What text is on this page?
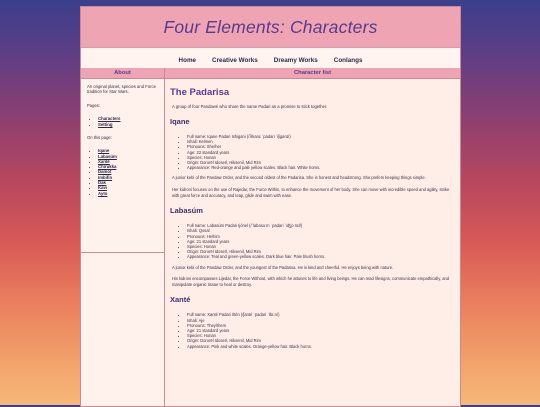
Four Elements: Characters
Home	Creative Works	Dreamy Works	Conlangs
About

An original planet, species and Force tradition for Star Wars.

Pages:

• Characters
• Setting

On this page:

• Iqane
• Labasúm
• Xanté
• Chirukka
• Damot
• Imbifin
• Dak
• Kavi
• Ayto
Character list
The Padarisa

A group of four Pandawé who share the name Padari as a promise to stick together.

Iqane
• Full name: Iqane Padari Ishigani (/ʔikanɛ ˈpadari ˈiʃiganɪ/)
• Ishali: Kelmen
• Pronouns: She/her
• Age: 22 standard years
• Species: Honan
• Origin: Dororël Idoserl, Hiksenil, Mid Rim
• Appearance: Red-orange and pale yellow scales. Black hair. White horns.

A junior kebi of the Pandaw Order, and the second oldest of the Padarisa. She is honest and headstrong. She prefers keeping things simple.

Her kidroni focuses on the use of Rajedar, the Force Within, to enhance the movement of her body. She can move with incredible speed and agility, strike with great force and accuracy, and leap, glide and swim with ease.

Labasúm
• Full name: Labasúm Padari Ijónel (/ˈlabasuːm ˈpadari ˈiʤjɔːnɛl/)
• Ishali: Qosal
• Pronouns: He/him
• Age: 21 standard years
• Species: Honan
• Origin: Dororël Idoserl, Hiksenil, Mid Rim
• Appearance: Teal and green-yellow scales. Dark blue hair. Pale blush horns.

A junior kebi of the Pandaw Order, and the youngest of the Padarisa. He is kind and cheerful. He enjoys being with nature.

His kidroni encompasses Lijedar, the Force Without, with which he attunes to life and living beings. He can read lifesigns, communicate empathically, and manipulate organic tissue to heal or destroy.

Xanté
• Full name: Xanté Padari Iltén (/ʃanté ˈpadari ˈiltɛːn/)
• Ishali: Aje
• Pronouns: They/them
• Age: 21 standard years
• Species: Honan
• Origin: Dororël Idoserl, Hiksenil, Mid Rim
• Appearance: Pink and white scales. Orange-yellow hair. Black horns.
